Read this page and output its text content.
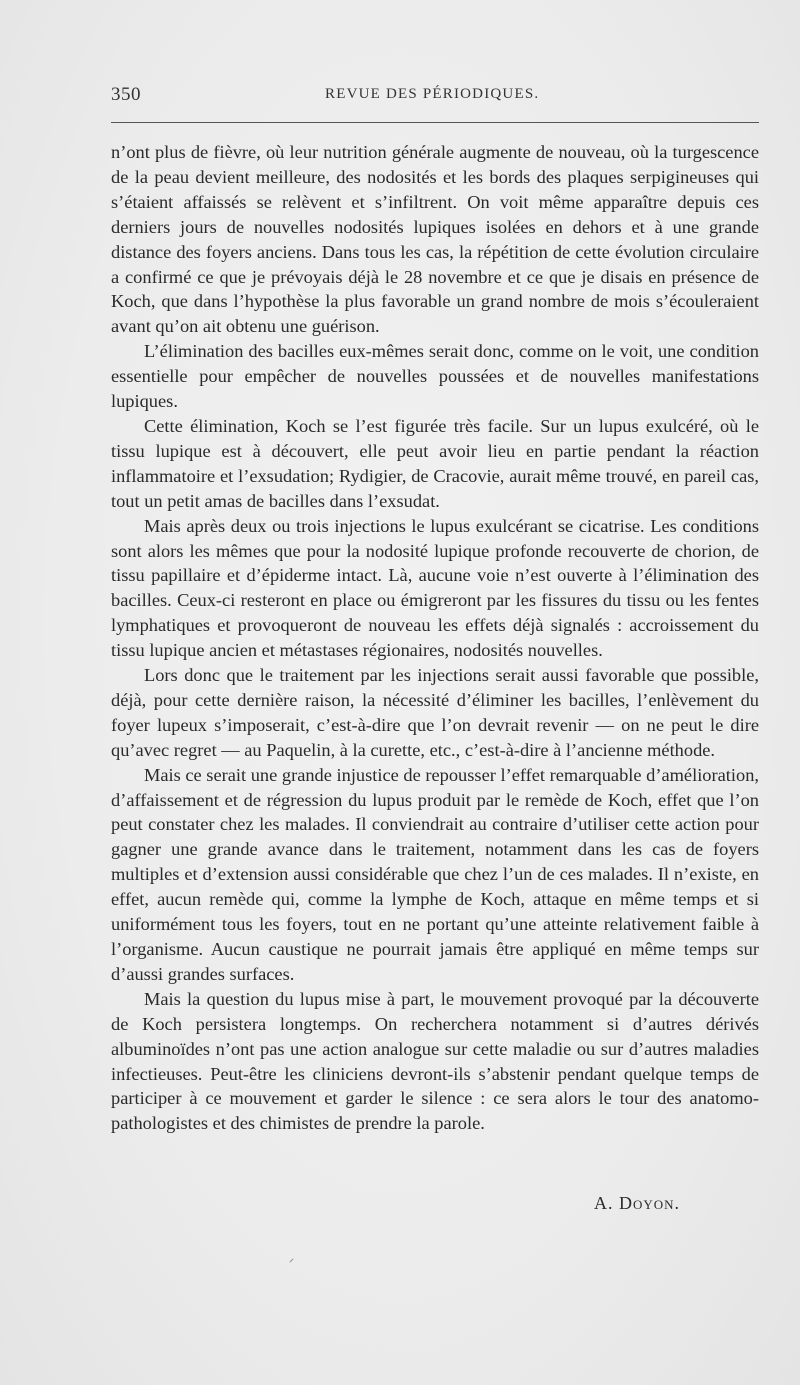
350	REVUE DES PÉRIODIQUES.

n’ont plus de fièvre, où leur nutrition générale augmente de nouveau, où la turgescence de la peau devient meilleure, des nodosités et les bords des plaques serpigineuses qui s’étaient affaissés se relèvent et s’infiltrent. On voit même apparaître depuis ces derniers jours de nouvelles nodosités lupiques isolées en dehors et à une grande distance des foyers anciens. Dans tous les cas, la répétition de cette évolution circulaire a confirmé ce que je prévoyais déjà le 28 novembre et ce que je disais en présence de Koch, que dans l’hypothèse la plus favorable un grand nombre de mois s’écouleraient avant qu’on ait obtenu une guérison.

L’élimination des bacilles eux-mêmes serait donc, comme on le voit, une condition essentielle pour empêcher de nouvelles poussées et de nouvelles manifestations lupiques.

Cette élimination, Koch se l’est figurée très facile. Sur un lupus exulcéré, où le tissu lupique est à découvert, elle peut avoir lieu en partie pendant la réaction inflammatoire et l’exsudation; Rydigier, de Cracovie, aurait même trouvé, en pareil cas, tout un petit amas de bacilles dans l’exsudat.

Mais après deux ou trois injections le lupus exulcérant se cicatrise. Les conditions sont alors les mêmes que pour la nodosité lupique profonde recouverte de chorion, de tissu papillaire et d’épiderme intact. Là, aucune voie n’est ouverte à l’élimination des bacilles. Ceux-ci resteront en place ou émigreront par les fissures du tissu ou les fentes lymphatiques et provoqueront de nouveau les effets déjà signalés : accroissement du tissu lupique ancien et métastases régionaires, nodosités nouvelles.

Lors donc que le traitement par les injections serait aussi favorable que possible, déjà, pour cette dernière raison, la nécessité d’éliminer les bacilles, l’enlèvement du foyer lupeux s’imposerait, c’est-à-dire que l’on devrait revenir — on ne peut le dire qu’avec regret — au Paquelin, à la curette, etc., c’est-à-dire à l’ancienne méthode.

Mais ce serait une grande injustice de repousser l’effet remarquable d’amélioration, d’affaissement et de régression du lupus produit par le remède de Koch, effet que l’on peut constater chez les malades. Il conviendrait au contraire d’utiliser cette action pour gagner une grande avance dans le traitement, notamment dans les cas de foyers multiples et d’extension aussi considérable que chez l’un de ces malades. Il n’existe, en effet, aucun remède qui, comme la lymphe de Koch, attaque en même temps et si uniformément tous les foyers, tout en ne portant qu’une atteinte relativement faible à l’organisme. Aucun caustique ne pourrait jamais être appliqué en même temps sur d’aussi grandes surfaces.

Mais la question du lupus mise à part, le mouvement provoqué par la découverte de Koch persistera longtemps. On recherchera notamment si d’autres dérivés albuminoïdes n’ont pas une action analogue sur cette maladie ou sur d’autres maladies infectieuses. Peut-être les cliniciens devront-ils s’abstenir pendant quelque temps de participer à ce mouvement et garder le silence : ce sera alors le tour des anatomo-pathologistes et des chimistes de prendre la parole.

A. Doyon.
